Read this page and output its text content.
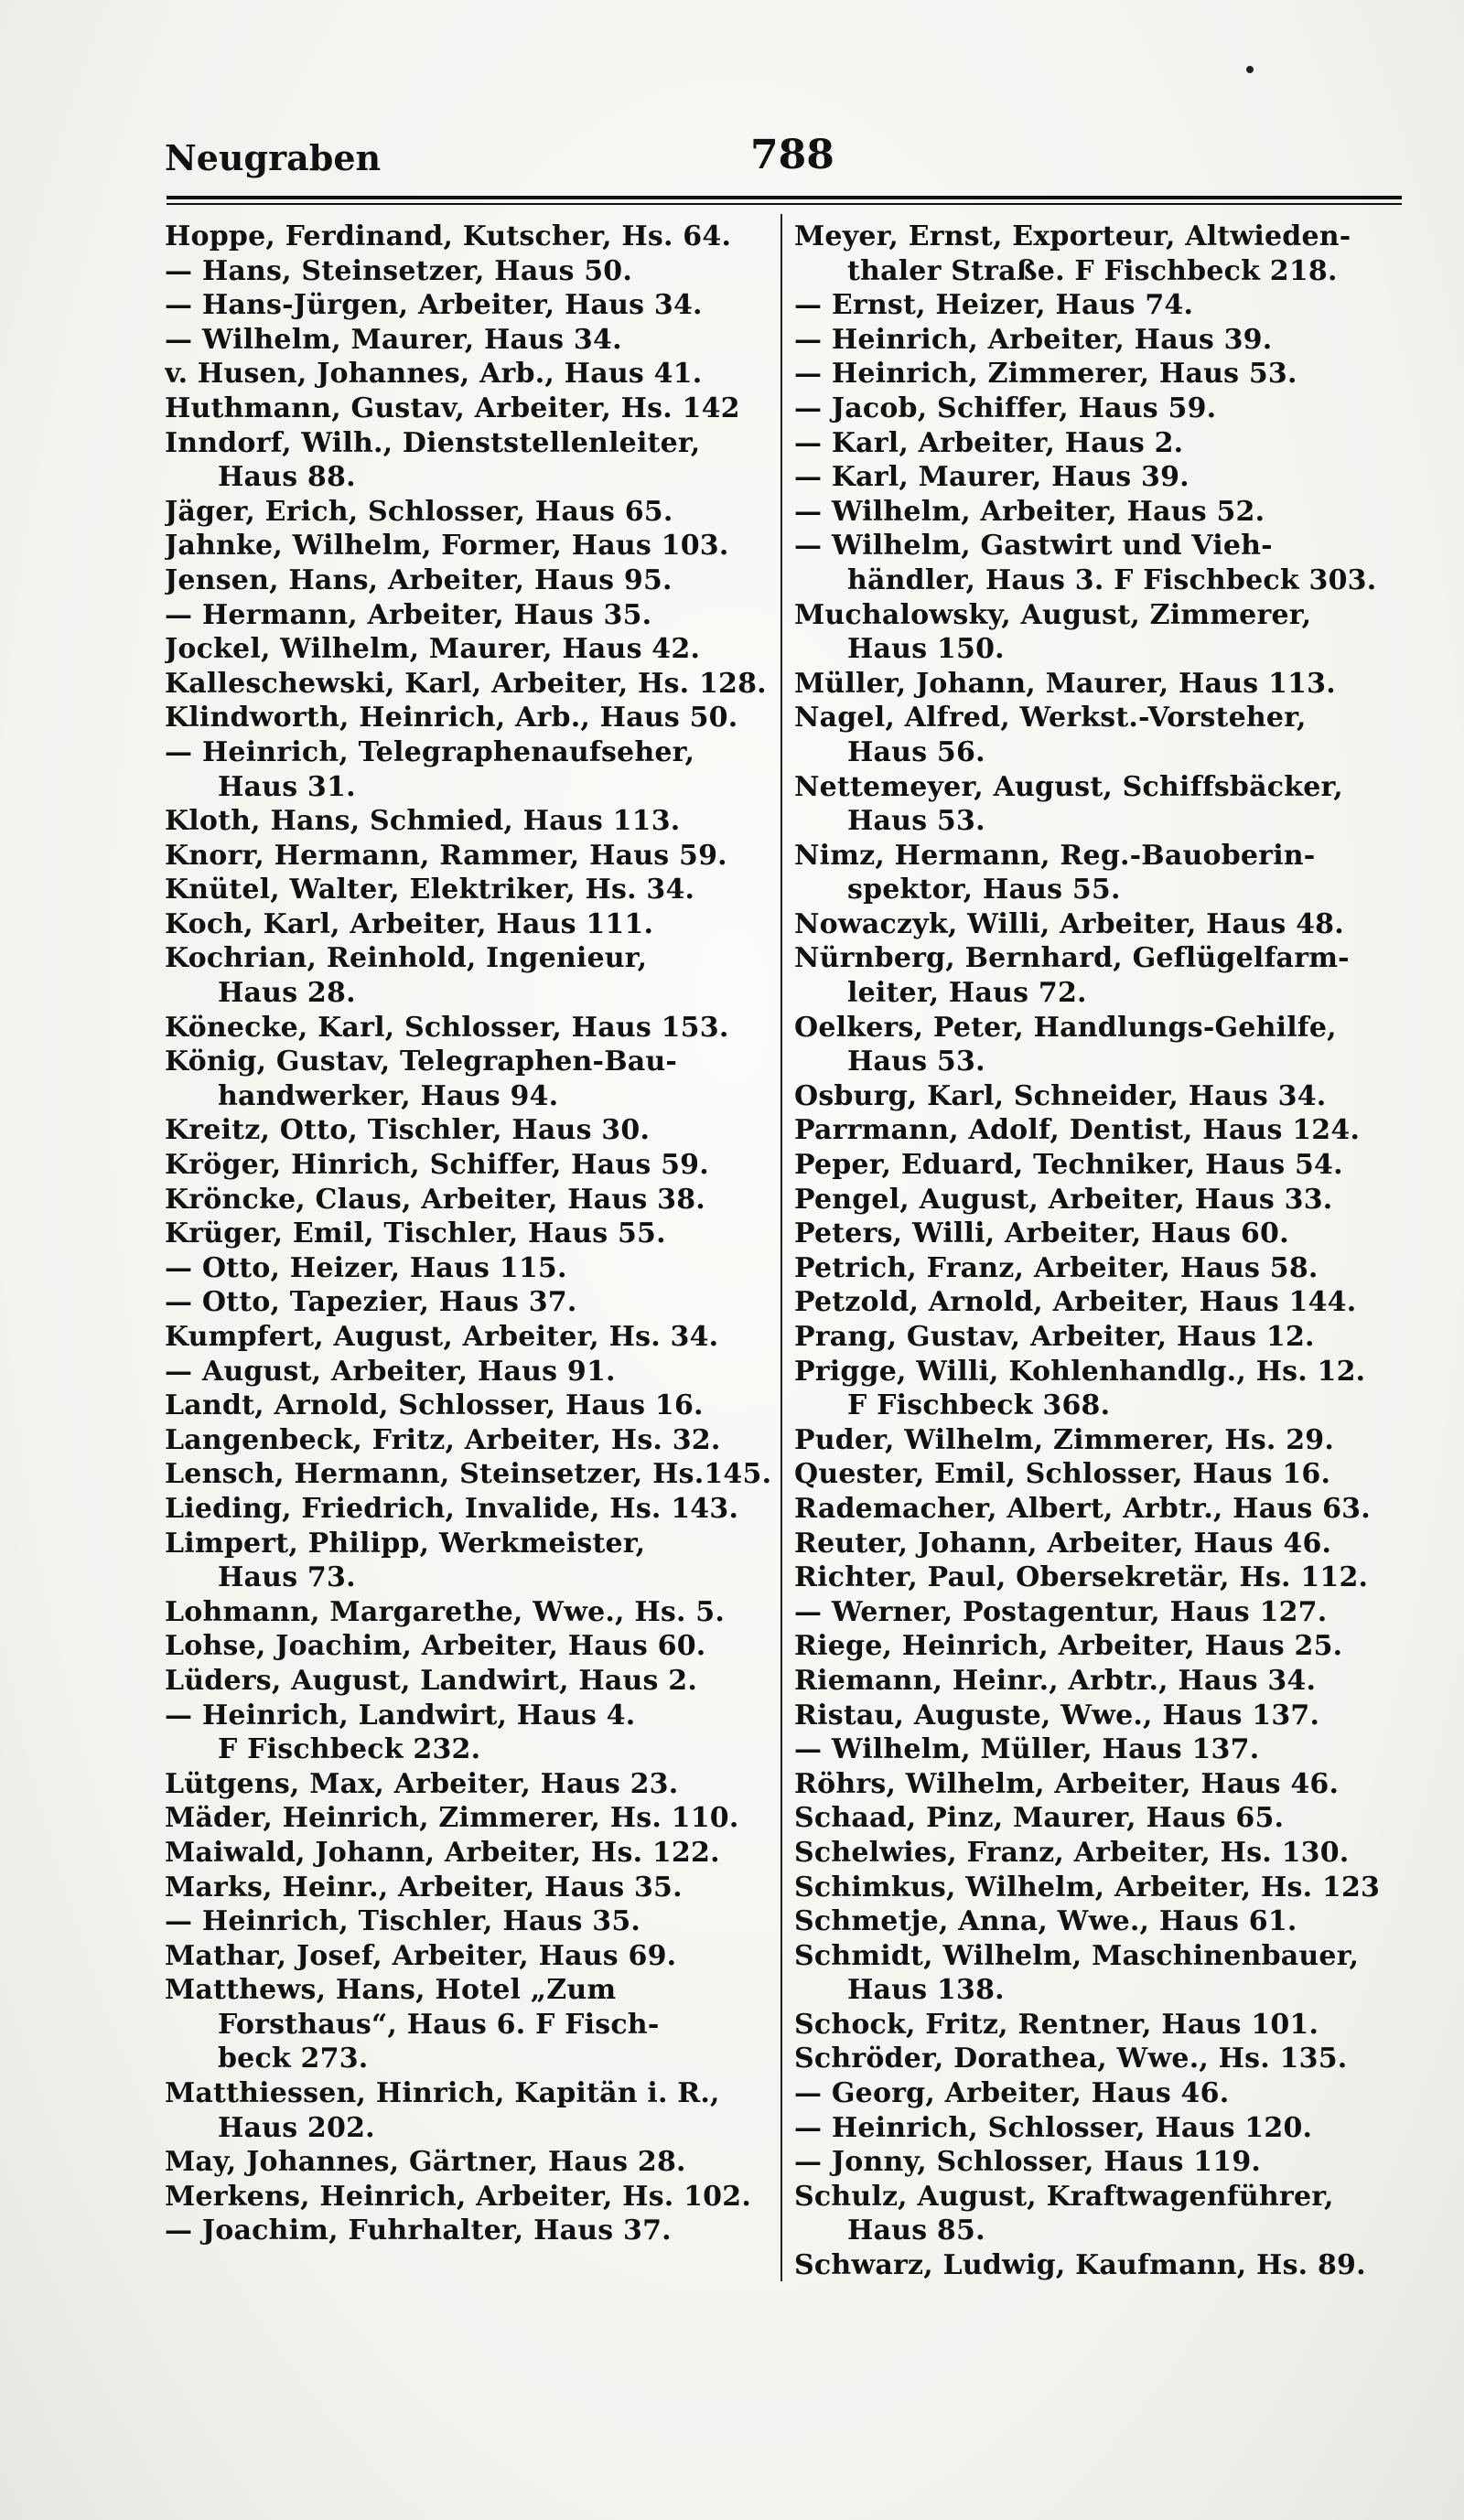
Neugraben	788
Hoppe, Ferdinand, Kutscher, Hs. 64.
— Hans, Steinsetzer, Haus 50.
— Hans-Jürgen, Arbeiter, Haus 34.
— Wilhelm, Maurer, Haus 34.
v. Husen, Johannes, Arb., Haus 41.
Huthmann, Gustav, Arbeiter, Hs. 142
Inndorf, Wilh., Dienststellenleiter,
Haus 88.
Jäger, Erich, Schlosser, Haus 65.
Jahnke, Wilhelm, Former, Haus 103.
Jensen, Hans, Arbeiter, Haus 95.
— Hermann, Arbeiter, Haus 35.
Jockel, Wilhelm, Maurer, Haus 42.
Kalleschewski, Karl, Arbeiter, Hs. 128.
Klindworth, Heinrich, Arb., Haus 50.
— Heinrich, Telegraphenaufseher,
Haus 31.
Kloth, Hans, Schmied, Haus 113.
Knorr, Hermann, Rammer, Haus 59.
Knütel, Walter, Elektriker, Hs. 34.
Koch, Karl, Arbeiter, Haus 111.
Kochrian, Reinhold, Ingenieur,
Haus 28.
Könecke, Karl, Schlosser, Haus 153.
König, Gustav, Telegraphen-Bau-
handwerker, Haus 94.
Kreitz, Otto, Tischler, Haus 30.
Kröger, Hinrich, Schiffer, Haus 59.
Kröncke, Claus, Arbeiter, Haus 38.
Krüger, Emil, Tischler, Haus 55.
— Otto, Heizer, Haus 115.
— Otto, Tapezier, Haus 37.
Kumpfert, August, Arbeiter, Hs. 34.
— August, Arbeiter, Haus 91.
Landt, Arnold, Schlosser, Haus 16.
Langenbeck, Fritz, Arbeiter, Hs. 32.
Lensch, Hermann, Steinsetzer, Hs.145.
Lieding, Friedrich, Invalide, Hs. 143.
Limpert, Philipp, Werkmeister,
Haus 73.
Lohmann, Margarethe, Wwe., Hs. 5.
Lohse, Joachim, Arbeiter, Haus 60.
Lüders, August, Landwirt, Haus 2.
— Heinrich, Landwirt, Haus 4.
F Fischbeck 232.
Lütgens, Max, Arbeiter, Haus 23.
Mäder, Heinrich, Zimmerer, Hs. 110.
Maiwald, Johann, Arbeiter, Hs. 122.
Marks, Heinr., Arbeiter, Haus 35.
— Heinrich, Tischler, Haus 35.
Mathar, Josef, Arbeiter, Haus 69.
Matthews, Hans, Hotel „Zum
Forsthaus“, Haus 6. F Fisch-
beck 273.
Matthiessen, Hinrich, Kapitän i. R.,
Haus 202.
May, Johannes, Gärtner, Haus 28.
Merkens, Heinrich, Arbeiter, Hs. 102.
— Joachim, Fuhrhalter, Haus 37.
Meyer, Ernst, Exporteur, Altwieden-
thaler Straße. F Fischbeck 218.
— Ernst, Heizer, Haus 74.
— Heinrich, Arbeiter, Haus 39.
— Heinrich, Zimmerer, Haus 53.
— Jacob, Schiffer, Haus 59.
— Karl, Arbeiter, Haus 2.
— Karl, Maurer, Haus 39.
— Wilhelm, Arbeiter, Haus 52.
— Wilhelm, Gastwirt und Vieh-
händler, Haus 3. F Fischbeck 303.
Muchalowsky, August, Zimmerer,
Haus 150.
Müller, Johann, Maurer, Haus 113.
Nagel, Alfred, Werkst.-Vorsteher,
Haus 56.
Nettemeyer, August, Schiffsbäcker,
Haus 53.
Nimz, Hermann, Reg.-Bauoberin-
spektor, Haus 55.
Nowaczyk, Willi, Arbeiter, Haus 48.
Nürnberg, Bernhard, Geflügelfarm-
leiter, Haus 72.
Oelkers, Peter, Handlungs-Gehilfe,
Haus 53.
Osburg, Karl, Schneider, Haus 34.
Parrmann, Adolf, Dentist, Haus 124.
Peper, Eduard, Techniker, Haus 54.
Pengel, August, Arbeiter, Haus 33.
Peters, Willi, Arbeiter, Haus 60.
Petrich, Franz, Arbeiter, Haus 58.
Petzold, Arnold, Arbeiter, Haus 144.
Prang, Gustav, Arbeiter, Haus 12.
Prigge, Willi, Kohlenhandlg., Hs. 12.
F Fischbeck 368.
Puder, Wilhelm, Zimmerer, Hs. 29.
Quester, Emil, Schlosser, Haus 16.
Rademacher, Albert, Arbtr., Haus 63.
Reuter, Johann, Arbeiter, Haus 46.
Richter, Paul, Obersekretär, Hs. 112.
— Werner, Postagentur, Haus 127.
Riege, Heinrich, Arbeiter, Haus 25.
Riemann, Heinr., Arbtr., Haus 34.
Ristau, Auguste, Wwe., Haus 137.
— Wilhelm, Müller, Haus 137.
Röhrs, Wilhelm, Arbeiter, Haus 46.
Schaad, Pinz, Maurer, Haus 65.
Schelwies, Franz, Arbeiter, Hs. 130.
Schimkus, Wilhelm, Arbeiter, Hs. 123
Schmetje, Anna, Wwe., Haus 61.
Schmidt, Wilhelm, Maschinenbauer,
Haus 138.
Schock, Fritz, Rentner, Haus 101.
Schröder, Dorathea, Wwe., Hs. 135.
— Georg, Arbeiter, Haus 46.
— Heinrich, Schlosser, Haus 120.
— Jonny, Schlosser, Haus 119.
Schulz, August, Kraftwagenführer,
Haus 85.
Schwarz, Ludwig, Kaufmann, Hs. 89.
